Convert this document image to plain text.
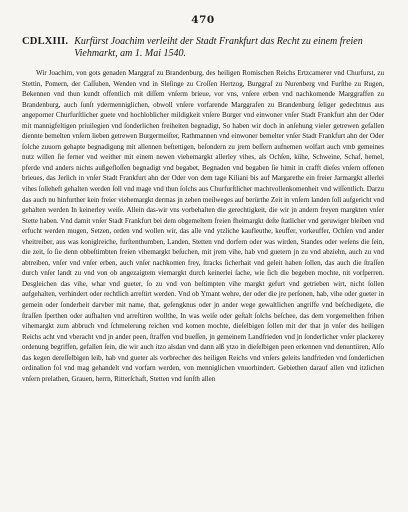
470
CDLXIII. Kurfürst Joachim verleiht der Stadt Frankfurt das Recht zu einem freien Viehmarkt, am 1. Mai 1540.

Wir Joachim, von gots genaden Marggraf zu Brandenburg, des heiligen Romischen Reichs Ertzcamerer vnd Churfurst, zu Stettin, Pomern, der Caſſuben, Wenden vnd in Sleſinge zu Croſſen Hertzog, Burggraf zu Nurenberg vnd Furſthe zu Rugen, Bekennen vnd thun kundt offentlich mit diſſem vnſerm brieue, vor vns, vnſere erben vnd nachkomende Marggraffen zu Brandenburg, auch ſunſt ydermenniglichen, obwoll vnſere vorfarende Marggrafen zu Brandenburg ſeliger gedechtnus aus angeporner Churfurſtlicher guete vnd hochloblicher mildigkeit vnſere Burger vnd einwoner vnſer Stadt Frankfurt ahn der Oder mit mannigfeltigen priuilegien vnd ſonderlichen freiheiten begnadigt, So haben wir doch in anſehung vieler getrewen gefallen diennte bemelten vnſern lieben getrewen Burgermeiſter, Rathmannen vnd einwoner bemelter vnſer Stadt Frankfurt ahn der Oder ſolche zuuorn gehapte begnadigung mit allennen beſtettigen, beſondern zu jrem beſſern aufnemen wolfart auch vmb gemeines nutz willen ſie ferner vnd weither mit einem newen viehemargkt allerley vihes, als Ochſen, kühe, Schweine, Schaf, hemel, pferde vnd anders nichts außgefloſſen begnadigt vnd begabet, Begnaden vnd begaben ſie himit in crafft dieſes vnſern offenen brieues, das Jerlich in vnſer Stadt Frankfurt ahn der Oder von dem tage Kiliani bis auf Margarethe ein freier Jarmargkt allerlei vihes ſolleheft gehalten werden ſoll vnd mage vnd thun ſolchs aus Churfurſtlicher machtvollenkomenheit vnd wiſſentlich. Darzu das auch nu hinfurther kein freier viehemargkt dermas jn zehen meilweges auf berürthe Zeit in vnſern landen ſoll aufgericht vnd gehalten werden In keinerley weiſe. Allein das-wir vns vorbehalten die gerechtigkeit, die wir jn andern freyen margkten vnſer Stette haben. Vnd damit vnſer Stadt Frankfurt bei dem obgemeltem freien fheimargkt deſte ſtatlicher vnd geruwiger bleiben vnd erfucht werden mugen, Setzen, orden vnd wollen wir, das alle vnd ytzliche kaufleuthe, keuffer, vorkeuffer, Ochſen vnd ander vheitreiber, aus was koniglreiche, furſtenthumben, Landen, Stetten vnd dorfern oder was wirden, Standes oder weſens die ſein, die zeit, ſo ſie denn obbeſtimbten freien vihemargkt beſuchen, mit jrem vihe, hab vnd guetern jn zu vnd abziehn, auch zu vnd abtreiben, vnſer vnd vnſer erben, auch vnſer nachkomen frey, ſtracks ſicherhait vnd geleit haben ſollen, das auch die ſtraſſen durch vnſer landt zu vnd von ob angezaigtem viemargkt durch keinerlei ſache, wie ſich die begeben mochte, nit vorſperren. Desgleichen das vihe, whar vnd gueter, ſo zu vnd von beſtimpten vihe margkt gefurt vnd getrieben wirt, nicht ſollen aufgehalten, verhindert oder rechtlich arreſtirt werden. Vnd ob Ymant wehre, der oder die jre perſonen, hab, vihe oder gueter in gemein oder ſonderheit darvber mit name, that, gefengknus oder jn ander wege gewaltlichen angriffe vnd beſchedigete, die ſtraſſen ſperthen oder aufhalten vnd arreſtiren wollthe, In was weiſe oder geſtalt ſolchs beſchee, das dem vorgemelthen frihen vihemargkt zum abbruch vnd ſchmelerung reichen vnd komen mochte, dieſelbigen ſollen mit der that jn vnſer des heiligen Reichs acht vnd vberacht vnd jn ander peen, ſtraffen vnd bueſſen, jn gemeinem Landfrieden vnd jn ſonderlicher vnſer plackerey ordenung begriffen, gefallen ſein, die wir auch itzo alsdan vnd dann alß ytzo in dieſelbigen peen erkennen vnd denuntiiren, Alſo das kegen dereſſelbigen leib, hab vnd gueter als vorbrecher des heiligen Reichs vnd vnſers geleits landfrieden vnd ſonderlichen ordinalion fol vnd mag gehandelt vnd vorfarn werden, von menniglichen vnuorhindert. Gebiethen darauf allen vnd itzlichen vnſern prelathen, Grauen, herrn, Ritterſchaft, Stetten vnd ſunſth allen
